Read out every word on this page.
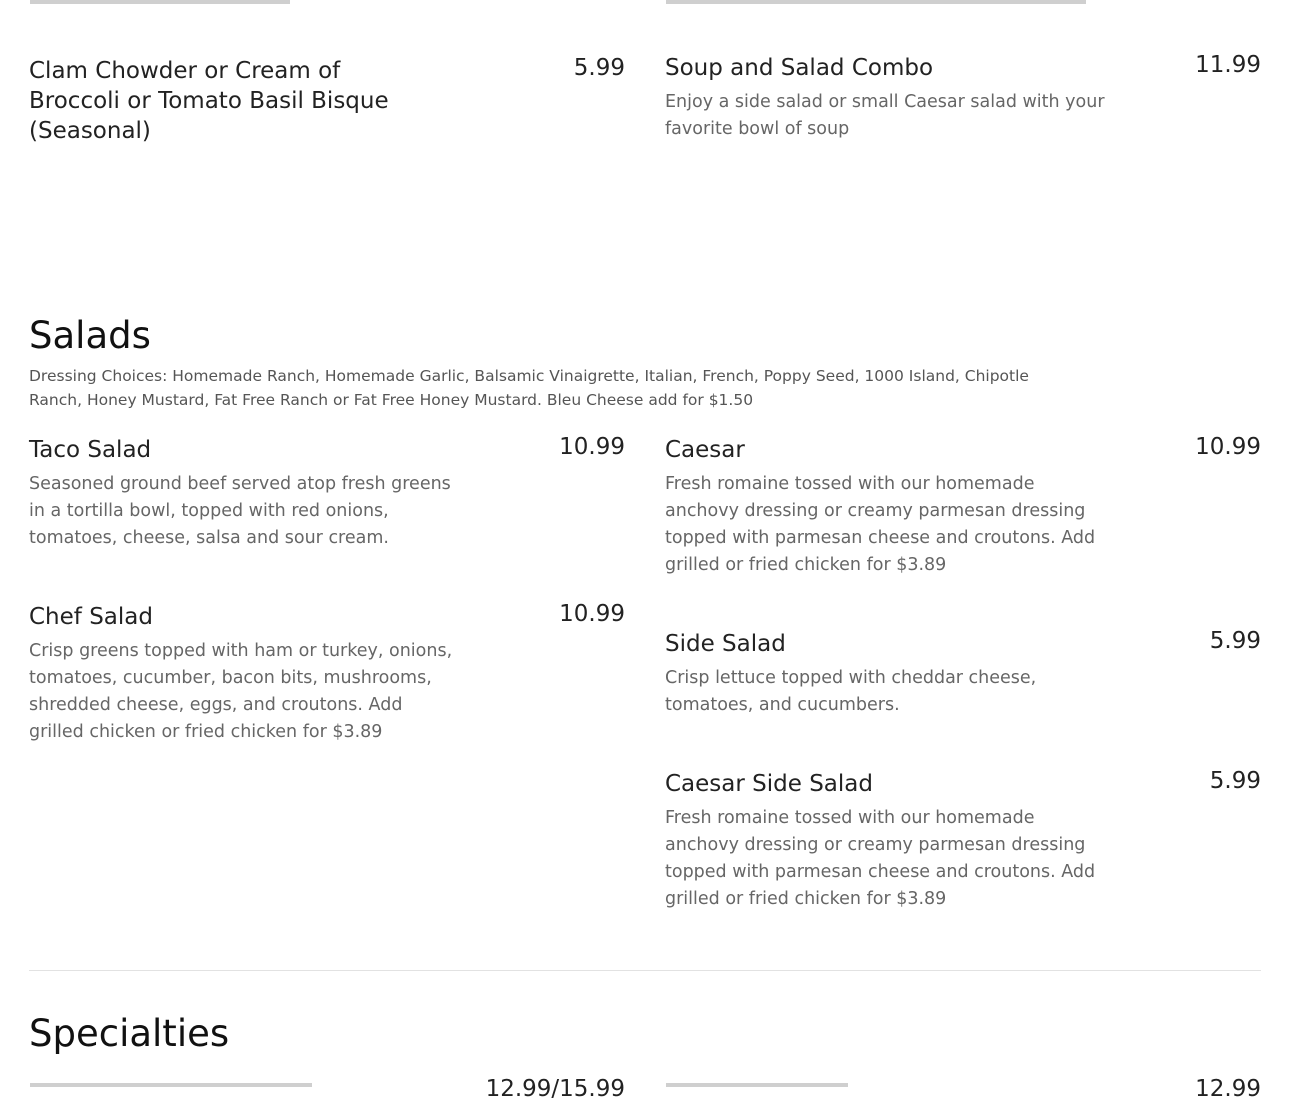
Clam Chowder or Cream of Broccoli or Tomato Basil Bisque (Seasonal)
5.99 Soup and Salad Combo	11.99
Enjoy a side salad or small Caesar salad with your favorite bowl of soup
Salads
Dressing Choices: Homemade Ranch, Homemade Garlic, Balsamic Vinaigrette, Italian, French, Poppy Seed, 1000 Island, Chipotle Ranch, Honey Mustard, Fat Free Ranch or Fat Free Honey Mustard. Bleu Cheese add for $1.50
Taco Salad	10.99
Seasoned ground beef served atop fresh greens in a tortilla bowl, topped with red onions, tomatoes, cheese, salsa and sour cream.
Caesar	10.99
Fresh romaine tossed with our homemade anchovy dressing or creamy parmesan dressing topped with parmesan cheese and croutons. Add grilled or fried chicken for $3.89
Chef Salad	10.99
Crisp greens topped with ham or turkey, onions, tomatoes, cucumber, bacon bits, mushrooms, shredded cheese, eggs, and croutons. Add grilled chicken or fried chicken for $3.89
Side Salad	5.99
Crisp lettuce topped with cheddar cheese, tomatoes, and cucumbers.
Caesar Side Salad	5.99
Fresh romaine tossed with our homemade anchovy dressing or creamy parmesan dressing topped with parmesan cheese and croutons. Add grilled or fried chicken for $3.89
Specialties
12.99/15.99	12.99
